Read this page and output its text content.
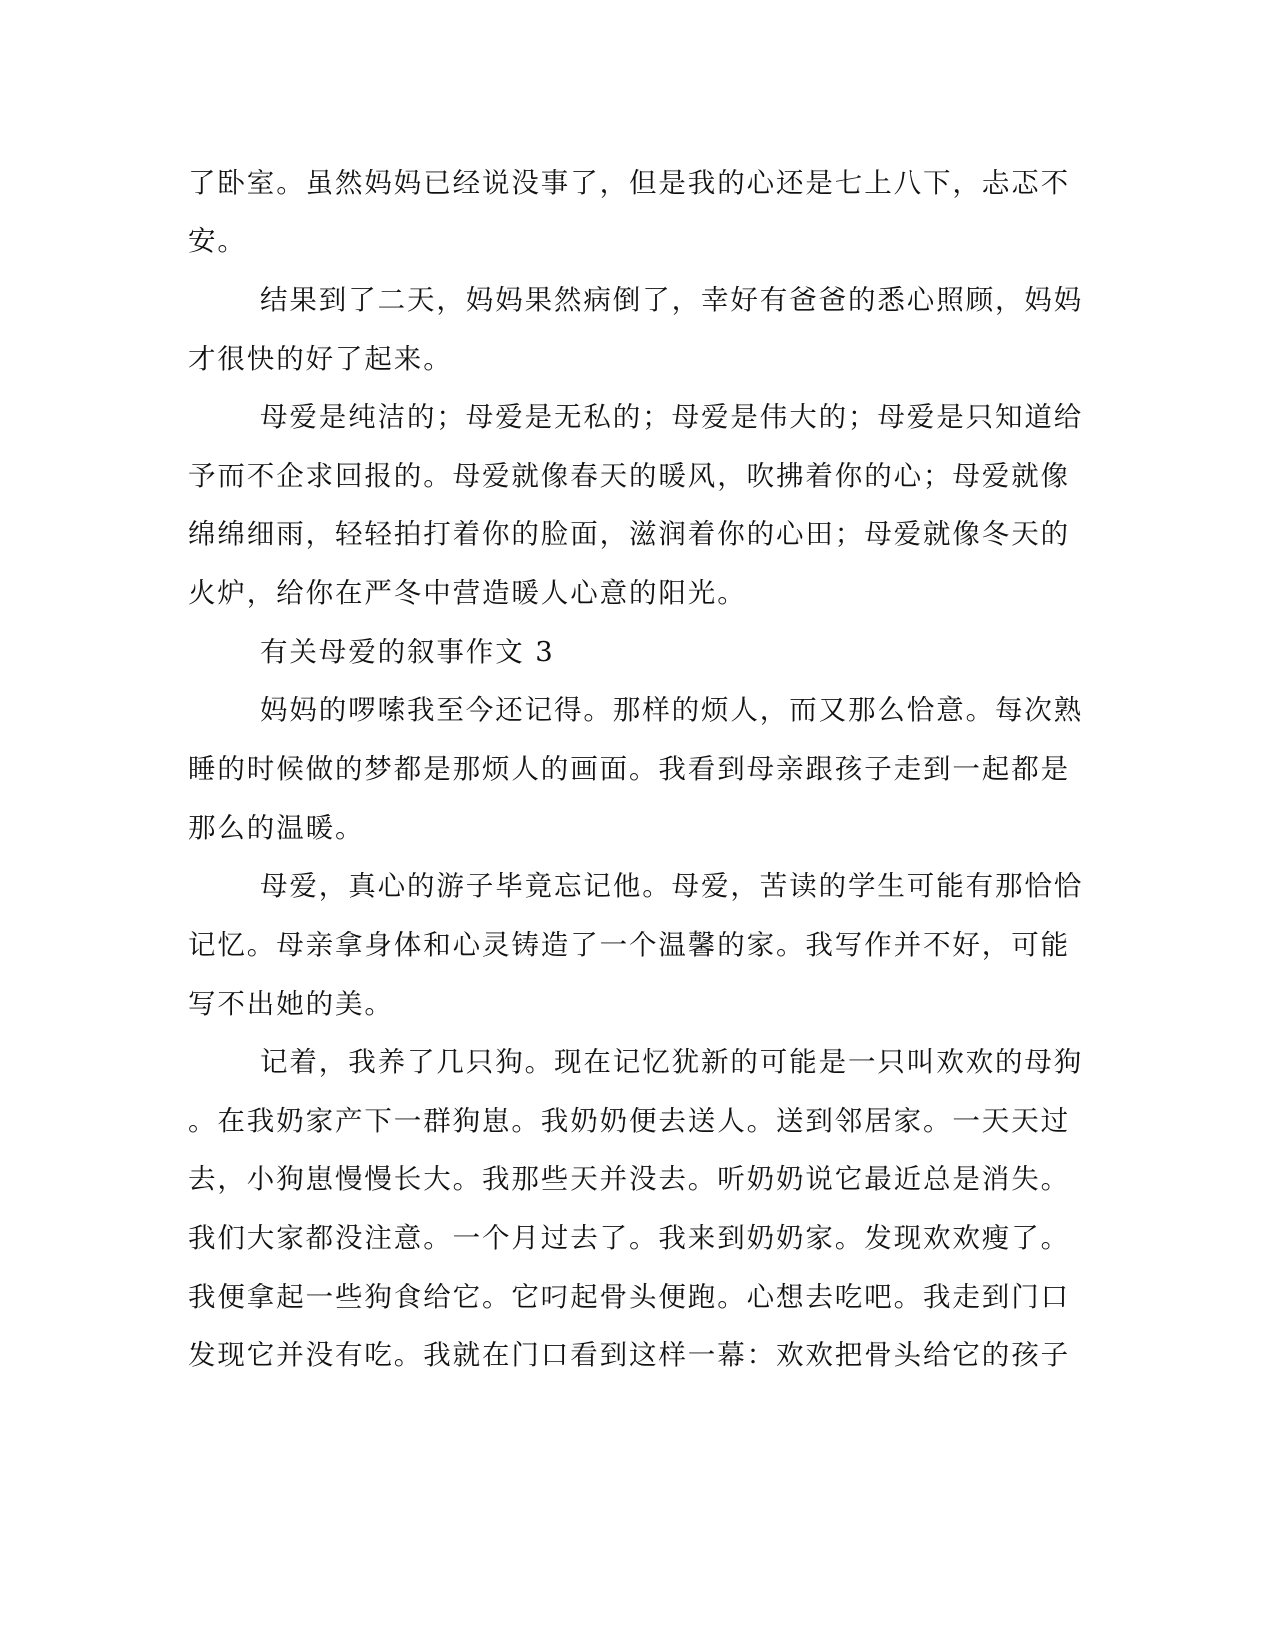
了卧室。虽然妈妈已经说没事了，但是我的心还是七上八下，忐忑不
安。
结果到了二天，妈妈果然病倒了，幸好有爸爸的悉心照顾，妈妈
才很快的好了起来。
母爱是纯洁的；母爱是无私的；母爱是伟大的；母爱是只知道给
予而不企求回报的。母爱就像春天的暖风，吹拂着你的心；母爱就像
绵绵细雨，轻轻拍打着你的脸面，滋润着你的心田；母爱就像冬天的
火炉，给你在严冬中营造暖人心意的阳光。
有关母爱的叙事作文 3
妈妈的啰嗦我至今还记得。那样的烦人，而又那么恰意。每次熟
睡的时候做的梦都是那烦人的画面。我看到母亲跟孩子走到一起都是
那么的温暖。
母爱，真心的游子毕竟忘记他。母爱，苦读的学生可能有那恰恰
记忆。母亲拿身体和心灵铸造了一个温馨的家。我写作并不好，可能
写不出她的美。
记着，我养了几只狗。现在记忆犹新的可能是一只叫欢欢的母狗
。在我奶家产下一群狗崽。我奶奶便去送人。送到邻居家。一天天过
去，小狗崽慢慢长大。我那些天并没去。听奶奶说它最近总是消失。
我们大家都没注意。一个月过去了。我来到奶奶家。发现欢欢瘦了。
我便拿起一些狗食给它。它叼起骨头便跑。心想去吃吧。我走到门口
发现它并没有吃。我就在门口看到这样一幕：欢欢把骨头给它的孩子
